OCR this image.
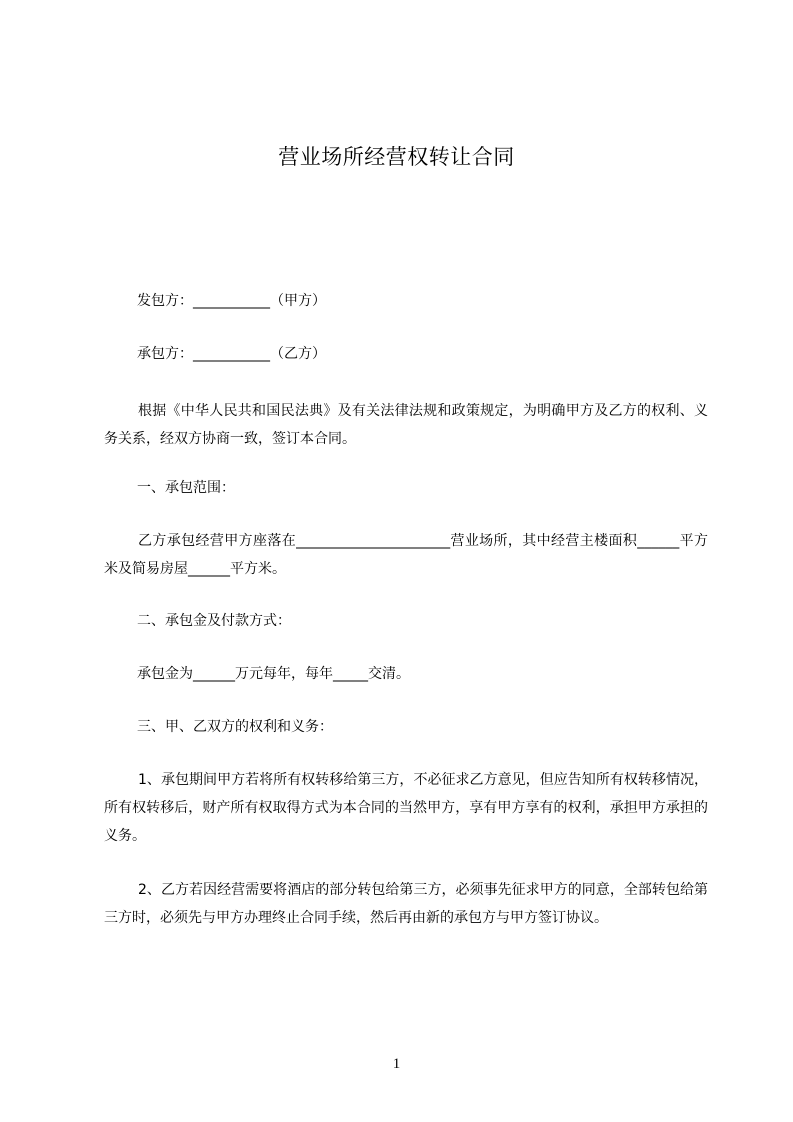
营业场所经营权转让合同
发包方：___________（甲方）
承包方：___________（乙方）
根据《中华人民共和国民法典》及有关法律法规和政策规定，为明确甲方及乙方的权利、义务关系，经双方协商一致，签订本合同。
一、承包范围：
乙方承包经营甲方座落在______________________营业场所，其中经营主楼面积______平方米及简易房屋______平方米。
二、承包金及付款方式：
承包金为______万元每年，每年_____交清。
三、甲、乙双方的权利和义务：
1、承包期间甲方若将所有权转移给第三方，不必征求乙方意见，但应告知所有权转移情况，所有权转移后，财产所有权取得方式为本合同的当然甲方，享有甲方享有的权利，承担甲方承担的义务。
2、乙方若因经营需要将酒店的部分转包给第三方，必须事先征求甲方的同意，全部转包给第三方时，必须先与甲方办理终止合同手续，然后再由新的承包方与甲方签订协议。
1
